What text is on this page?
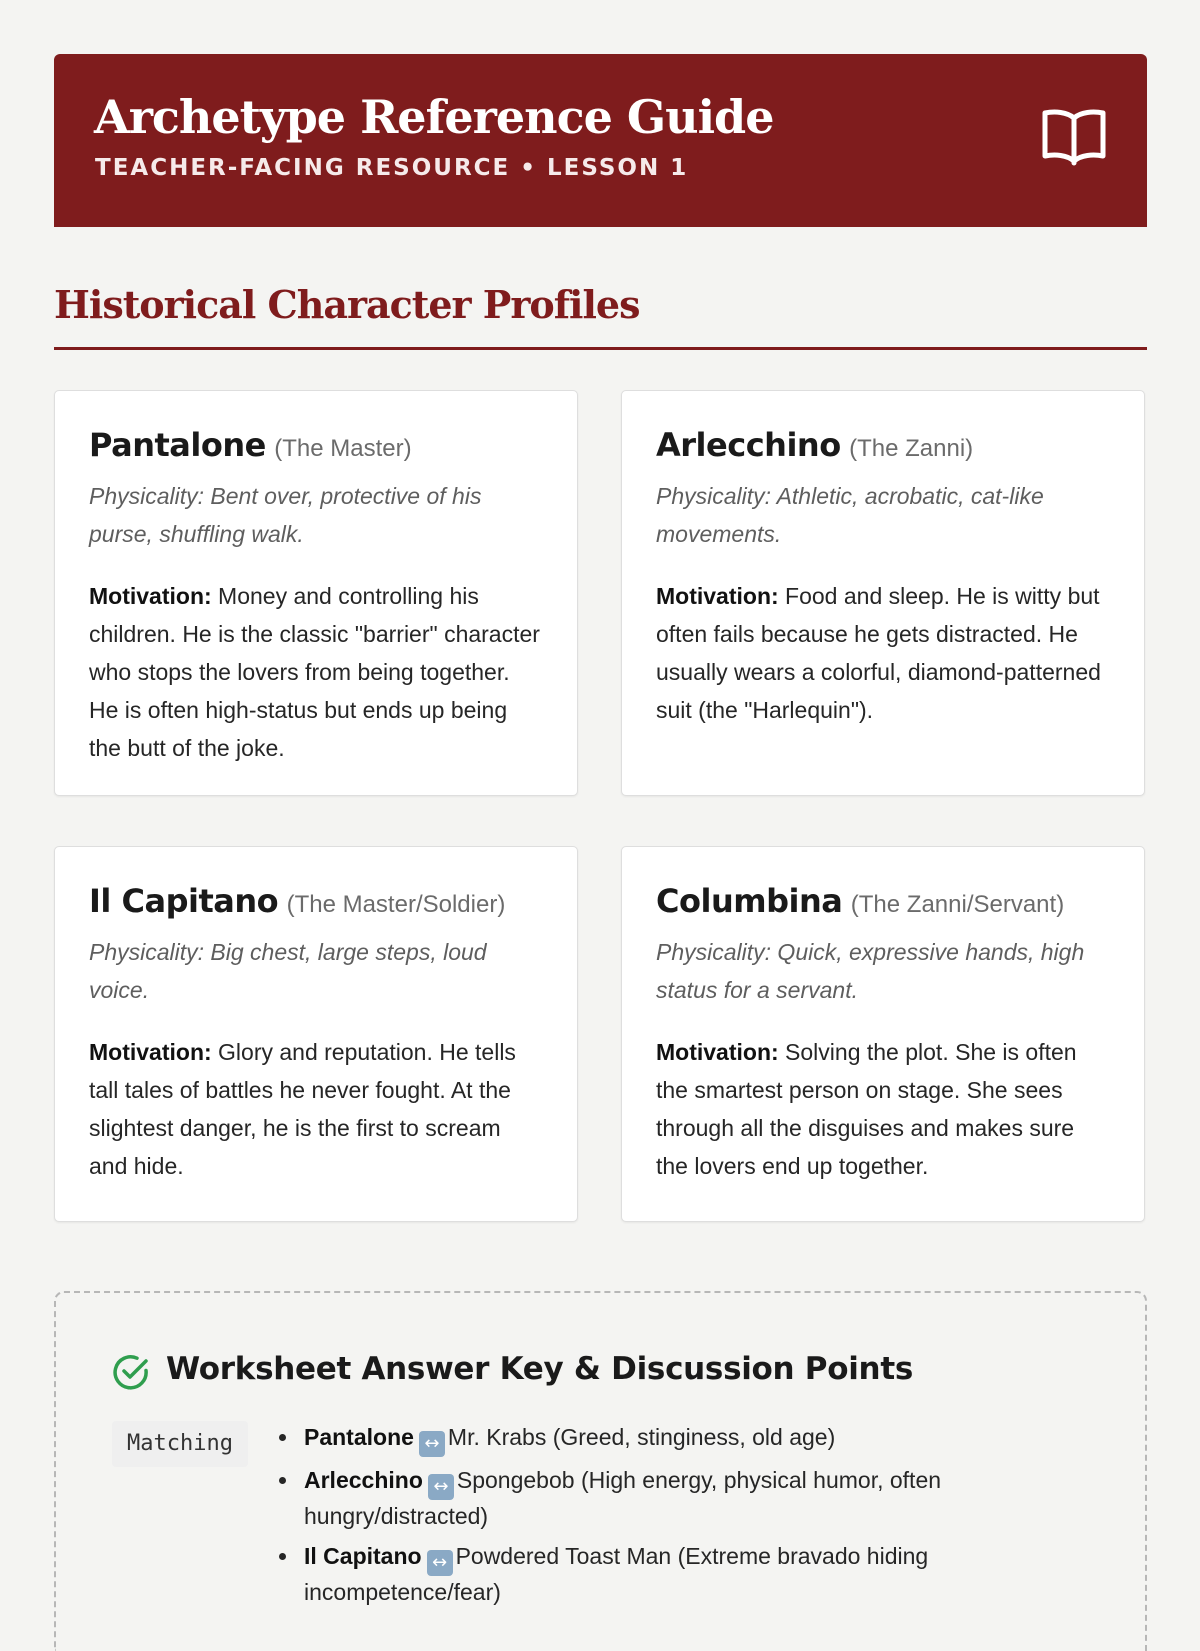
Archetype Reference Guide
TEACHER-FACING RESOURCE • LESSON 1
Historical Character Profiles
Pantalone (The Master)
Physicality: Bent over, protective of his purse, shuffling walk.
Motivation: Money and controlling his children. He is the classic "barrier" character who stops the lovers from being together. He is often high-status but ends up being the butt of the joke.
Arlecchino (The Zanni)
Physicality: Athletic, acrobatic, cat-like movements.
Motivation: Food and sleep. He is witty but often fails because he gets distracted. He usually wears a colorful, diamond-patterned suit (the "Harlequin").
Il Capitano (The Master/Soldier)
Physicality: Big chest, large steps, loud voice.
Motivation: Glory and reputation. He tells tall tales of battles he never fought. At the slightest danger, he is the first to scream and hide.
Columbina (The Zanni/Servant)
Physicality: Quick, expressive hands, high status for a servant.
Motivation: Solving the plot. She is often the smartest person on stage. She sees through all the disguises and makes sure the lovers end up together.
Worksheet Answer Key & Discussion Points
Matching
•	Pantalone ↔ Mr. Krabs (Greed, stinginess, old age)
• Arlecchino ↔ Spongebob (High energy, physical humor, often hungry/distracted)
• Il Capitano ↔ Powdered Toast Man (Extreme bravado hiding incompetence/fear)
